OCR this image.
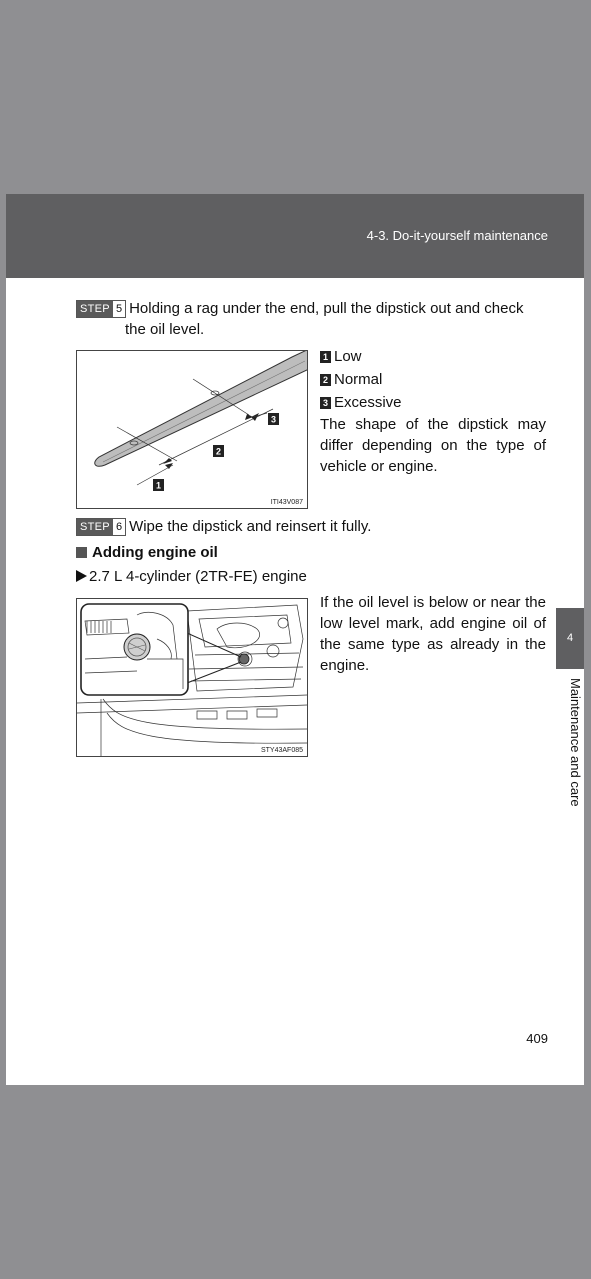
4-3. Do-it-yourself maintenance
STEP 5 Holding a rag under the end, pull the dipstick out and check
the oil level.
1
2
3
ITI43V087
1 Low
2 Normal
3 Excessive
The shape of the dipstick may differ depending on the type of vehicle or engine.
STEP 6 Wipe the dipstick and reinsert it fully.
Adding engine oil
2.7 L 4-cylinder (2TR-FE) engine
STY43AF085
If the oil level is below or near the low level mark, add engine oil of the same type as already in the engine.
4
Maintenance and care
409
